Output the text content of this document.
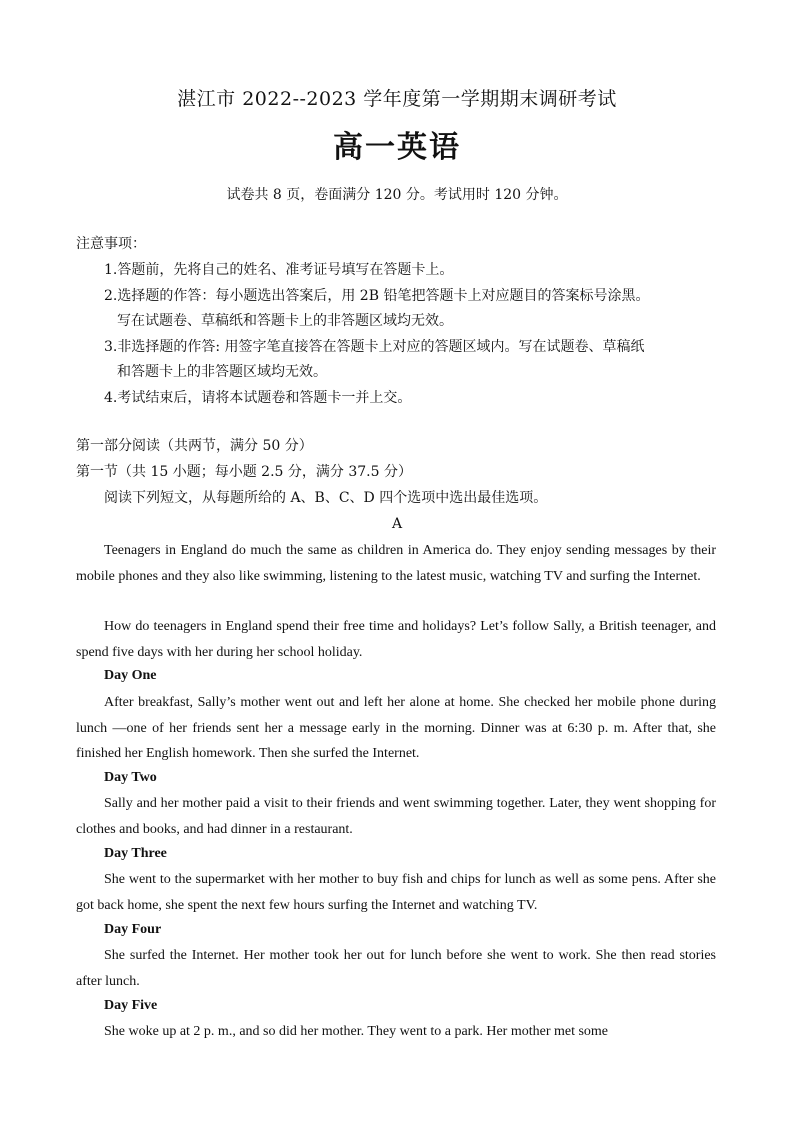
湛江市 2022--2023 学年度第一学期期末调研考试
高一英语
试卷共 8 页，卷面满分 120 分。考试用时 120 分钟。
注意事项：
1.答题前，先将自己的姓名、准考证号填写在答题卡上。
2.选择题的作答：每小题选出答案后，用 2B 铅笔把答题卡上对应题目的答案标号涂黑。
写在试题卷、草稿纸和答题卡上的非答题区域均无效。
3.非选择题的作答: 用签字笔直接答在答题卡上对应的答题区域内。写在试题卷、草稿纸
和答题卡上的非答题区域均无效。
4.考试结束后，请将本试题卷和答题卡一并上交。
第一部分阅读（共两节，满分 50 分）
第一节（共 15 小题；每小题 2.5 分，满分 37.5 分）
阅读下列短文，从每题所给的 A、B、C、D 四个选项中选出最佳选项。
A
Teenagers in England do much the same as children in America do. They enjoy sending messages by their mobile phones and they also like swimming, listening to the latest music, watching TV and surfing the Internet.
How do teenagers in England spend their free time and holidays? Let’s follow Sally, a British teenager, and spend five days with her during her school holiday.
Day One
After breakfast, Sally’s mother went out and left her alone at home. She checked her mobile phone during lunch —one of her friends sent her a message early in the morning. Dinner was at 6:30 p. m. After that, she finished her English homework. Then she surfed the Internet.
Day Two
Sally and her mother paid a visit to their friends and went swimming together. Later, they went shopping for clothes and books, and had dinner in a restaurant.
Day Three
She went to the supermarket with her mother to buy fish and chips for lunch as well as some pens. After she got back home, she spent the next few hours surfing the Internet and watching TV.
Day Four
She surfed the Internet. Her mother took her out for lunch before she went to work. She then read stories after lunch.
Day Five
She woke up at 2 p. m., and so did her mother. They went to a park. Her mother met some
